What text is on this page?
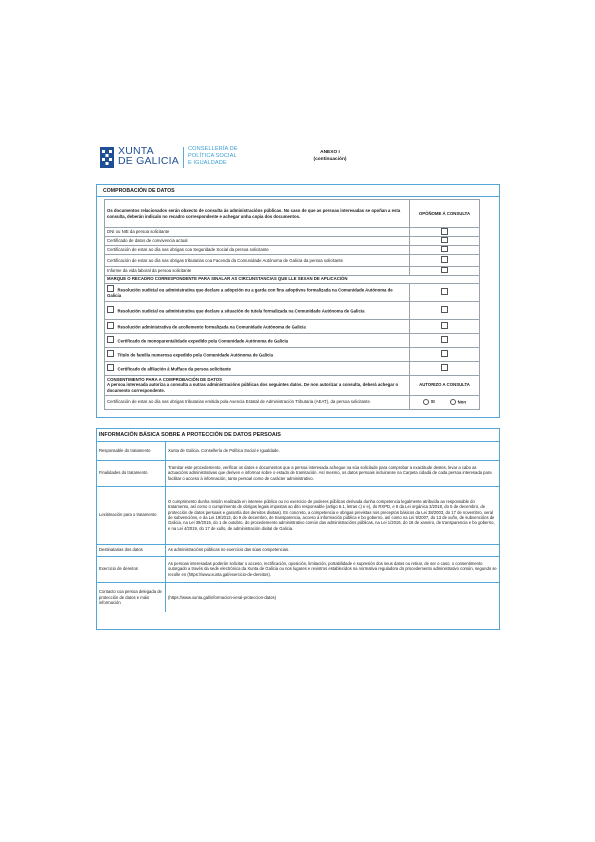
XUNTA
DE GALICIA
CONSELLERÍA DE
POLÍTICA SOCIAL
E IGUALDADE
ANEXO I
(continuación)
COMPROBACIÓN DE DATOS
Os documentos relacionados serán obxecto de consulta ás administracións públicas. No caso de que as persoas interesadas se opoñan a esta consulta, deberán indicalo no recadro correspondente e achegar unha copia dos documentos.	OPÓÑOME Á CONSULTA
DNI ou NIE da persoa solicitante	
Certificado de datos de convivencia actual	
Certificación de estar ao día nas obrigas coa Seguridade Social da persoa solicitante	
Certificación de estar ao día nas obrigas tributarias coa Facenda da Comunidade Autónoma de Galicia da persoa solicitante	
Informe da vida laboral da persoa solicitante	
MARQUE O RECADRO CORRESPONDENTE PARA SINALAR AS CIRCUNSTANCIAS QUE LLE SEXAN DE APLICACIÓN	
Resolución xudicial ou administrativa que declare a adopción ou a garda con fins adoptivos formalizada na Comunidade Autónoma de Galicia	
Resolución xudicial ou administrativa que declare a situación de tutela formalizada na Comunidade Autónoma de Galicia	
Resolución administrativa de acollemento formalizada na Comunidade Autónoma de Galicia	
Certificado de monoparentalidade expedido pola Comunidade Autónoma de Galicia	
Título de familia numerosa expedido pola Comunidade Autónoma de Galicia	
Certificado de afiliación á Mufface da persoa solicitante	

CONSENTIMENTO PARA A COMPROBACIÓN DE DATOS
A persoa interesada autoriza a consulta a outras administracións públicas dos seguintes datos. De non autorizar a consulta, deberá achegar o documento correspondente.	AUTORIZO A CONSULTA
Certificación de estar ao día nas obrigas tributarias emitida pola Axencia Estatal de Administración Tributaria (AEAT), da persoa solicitante.	SI Non
INFORMACIÓN BÁSICA SOBRE A PROTECCIÓN DE DATOS PERSOAIS
Responsable do tratamento	Xunta de Galicia. Consellería de Política Social e Igualdade.
Finalidades do tratamento	Tramitar este procedemento, verificar os datos e documentos que a persoa interesada achegue na súa solicitude para comprobar a exactitude destes, levar a cabo as actuacións administrativas que deriven e informar sobre o estado de tramitación. Así mesmo, os datos persoais incluiranse na Carpeta cidadá de cada persoa interesada para facilitar o acceso á información, tanto persoal como de carácter administrativo.
Lexitimación para o tratamento	O cumprimento dunha misión realizada en interese público ou no exercicio de poderes públicos derivada dunha competencia legalmente atribuída ao responsable do tratamento, así como o cumprimento de obrigas legais impostas ao dito responsable (artigo 6.1, letras c) e e), do RXPD, e 8 da Lei orgánica 3/2018, do 5 de decembro, de protección de datos persoais e garantía dos dereitos dixitais). En concreto, a competencia e obrigas previstas nos preceptos básicos da Lei 38/2003, do 17 de novembro, xeral de subvencións, e da Lei 19/2013, do 9 de decembro, de transparencia, acceso á información pública e bo goberno, así como na Lei 9/2007, do 13 de xuño, de subvencións de Galicia, na Lei 39/2015, do 1 de outubro, do procedemento administrativo común das administracións públicas, na Lei 1/2016, do 18 de xaneiro, de transparencia e bo goberno, e na Lei 4/2019, do 17 de xullo, de administración dixital de Galicia.
Destinatarias dos datos	As administracións públicas no exercicio das súas competencias.
Exercicio de dereitos	As persoas interesadas poderán solicitar o acceso, rectificación, oposición, limitación, portabilidade e supresión dos seus datos ou retirar, de ser o caso, o consentimento outorgado a través da sede electrónica da Xunta de Galicia ou nos lugares e rexistros establecidos na normativa reguladora do procedemento administrativo común, segundo se recolle en (https://www.xunta.gal/exercicio-de-dereitos).
Contacto coa persoa delegada de protección de datos e máis información	(https://www.xunta.gal/informacion-xeral-proteccion-datos)
